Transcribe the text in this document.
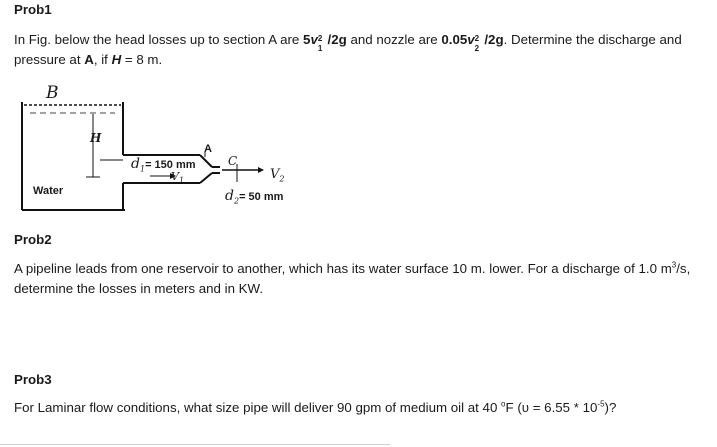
Prob1
In Fig. below the head losses up to section A are 5v 2
1
/2g and nozzle are 0.05v 2
2
/2g. Determine the discharge and
pressure at A, if H = 8 m.
B
H
A
C
Water
$d_1= 150$ mm
$V_1$	$V_2$
$d_2= 50$ mm
Prob2
A pipeline leads from one reservoir to another, which has its water surface 10 m. lower. For a discharge of 1.0 $m^3/s$,
determine the losses in meters and in KW.
Prob3
For Laminar flow conditions, what size pipe will deliver 90 gpm of medium oil at 40 $^o$F $(\upsilon = 6.55 * 10^{-5})$?
